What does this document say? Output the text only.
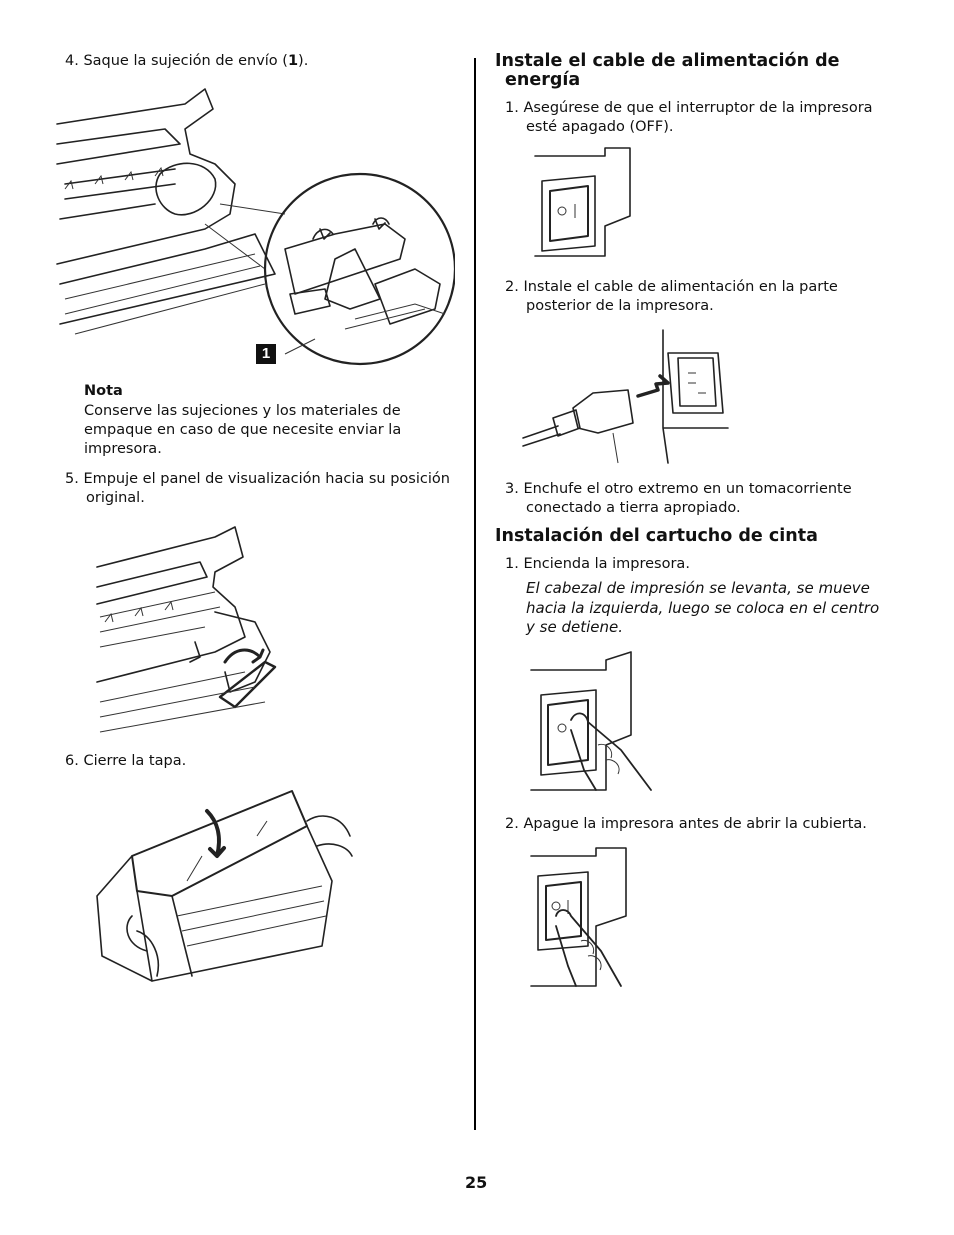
4. Saque la sujeción de envío (1).
1
Nota
Conserve las sujeciones y los materiales de
empaque en caso de que necesite enviar la
impresora.
5. Empuje el panel de visualización hacia su posición
original.
6. Cierre la tapa.
Instale el cable de alimentación de
energía
1. Asegúrese de que el interruptor de la impresora
esté apagado (OFF).
2. Instale el cable de alimentación en la parte
posterior de la impresora.
3. Enchufe el otro extremo en un tomacorriente
conectado a tierra apropiado.
Instalación del cartucho de cinta
1. Encienda la impresora.
El cabezal de impresión se levanta, se mueve
hacia la izquierda, luego se coloca en el centro
y se detiene.
2. Apague la impresora antes de abrir la cubierta.
25
